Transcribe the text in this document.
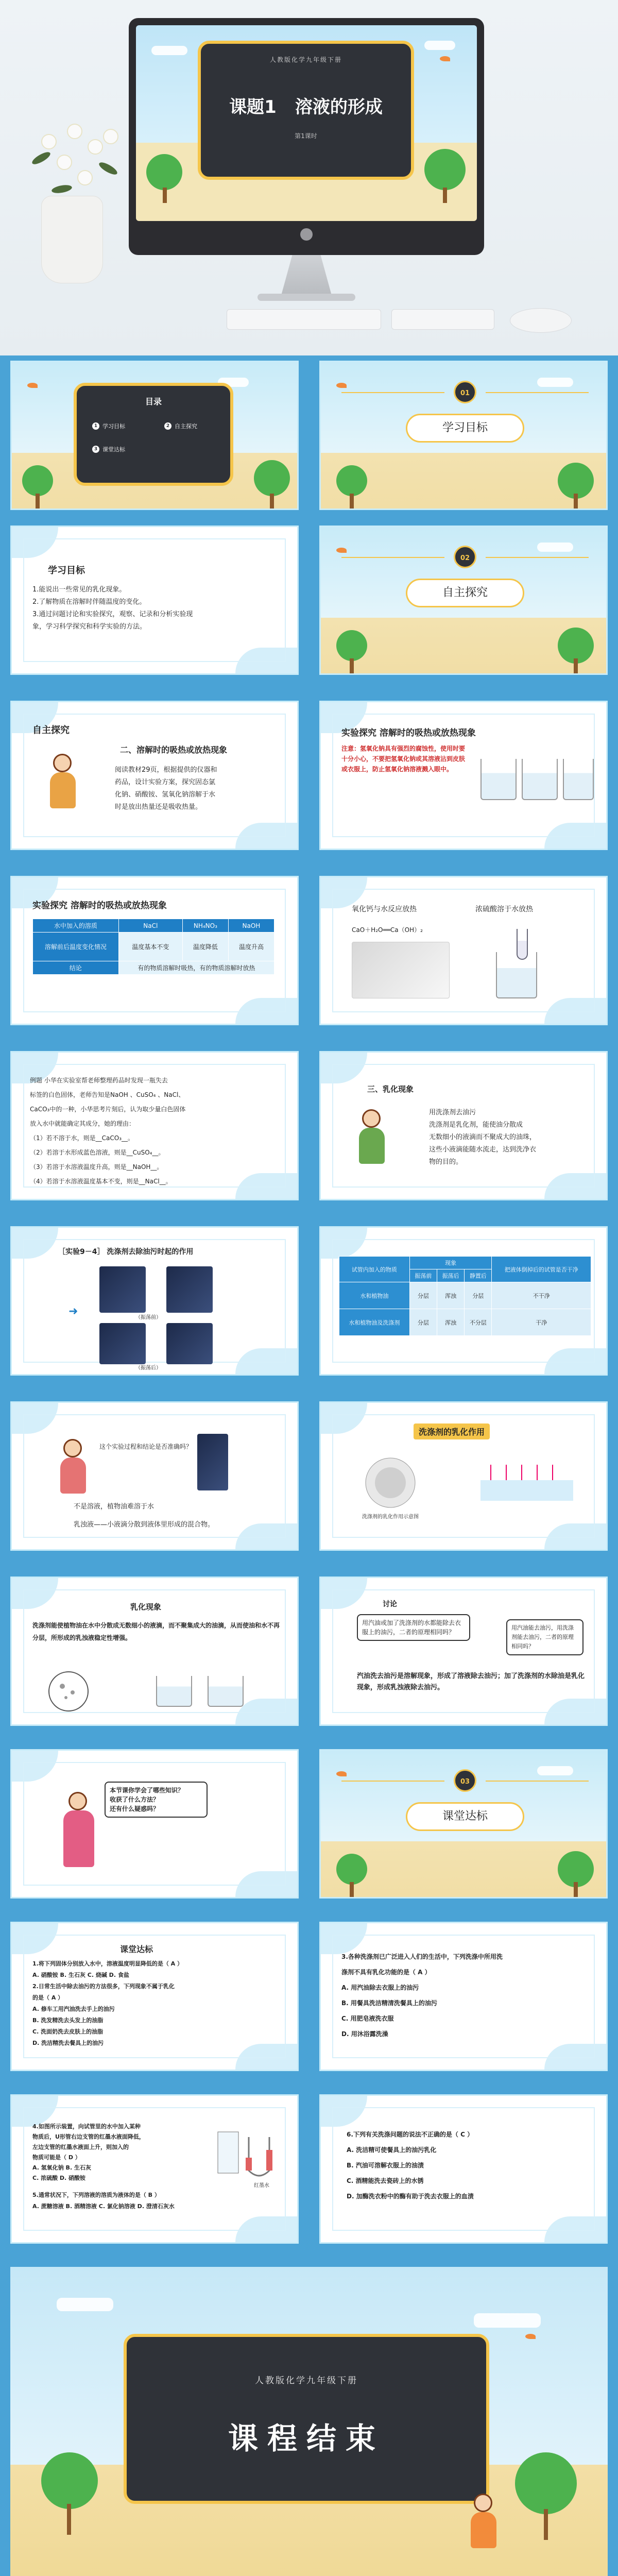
人教版化学九年级下册
课题1 溶液的形成
第1课时
目录
1 学习目标	2 自主探究
3 课堂达标
01
学习目标
学习目标

1.能说出一些常见的乳化现象。

2.了解物质在溶解时伴随温度的变化。

3.通过问题讨论和实验探究，观察、记录和分析实验现

象，学习科学探究和科学实验的方法。

02
自主探究
自主探究
二、溶解时的吸热或放热现象

阅读教材29页，根据提供的仪器和

药品，设计实验方案，探究固态氯

化钠、硝酸铵、氢氧化钠溶解于水

时是放出热量还是吸收热量。

实验探究 溶解时的吸热或放热现象
注意：氢氧化钠具有强烈的腐蚀性，使用时要十分小心，不要把氢氧化钠或其溶液沾到皮肤或衣服上，防止氢氧化钠溶液溅入眼中。
实验探究 溶解时的吸热或放热现象
水中加入的溶质	NaCl	NH₄NO₃	NaOH
溶解前后温度变化情况	温度基本不变	温度降低	温度升高
结论	有的物质溶解时吸热，有的物质溶解时放热		
氧化钙与水反应放热	浓硫酸溶于水放热
CaO＋H₂O══Ca（OH）₂

例题 小华在实验室帮老师整理药品时发现一瓶失去

标签的白色固体，老师告知是NaOH 、CuSO₄ 、NaCl、

CaCO₃中的一种，小华思考片刻后，认为取少量白色固体

放入水中就能确定其成分，她的理由：

（1）若不溶于水，则是__CaCO₃__。

（2）若溶于水形成蓝色溶液，则是__CuSO₄__。

（3）若溶于水溶液温度升高，则是__NaOH__。

（4）若溶于水溶液温度基本不变，则是__NaCl__。

三、乳化现象

用洗涤剂去油污

洗涤剂是乳化剂，能使油分散成

无数细小的液滴而不聚成大的油珠，

这些小液滴能随水流走，达到洗净衣

物的目的。

［实验9－4］ 洗涤剂去除油污时起的作用
（振荡前）
（振荡后）
➜
试管内加入的物质	现象			把液体倒掉后的试管是否干净
	振荡前	振荡后	静置后	
水和植物油	分层	浑浊	分层	不干净
水和植物油及洗涤剂	分层	浑浊	不分层	干净
这个实验过程和结论是否准确吗？
不是溶液，植物油难溶于水
乳浊液——小液滴分散到液体里形成的混合物。
洗涤剂的乳化作用
洗涤剂的乳化作用示意图
乳化现象
洗涤剂能使植物油在水中分散成无数细小的液滴，而不聚集成大的油滴，从而使油和水不再分层，所形成的乳浊液稳定性增强。
讨论
用汽油或加了洗涤剂的水都能除去衣服上的油污，二者的原理相同吗？
用汽油能去油污，用洗涤剂能去油污，二者的原理相同吗？
汽油洗去油污是溶解现象，形成了溶液除去油污；加了洗涤剂的水除油是乳化现象，形成乳浊液除去油污。

本节课你学会了哪些知识？

收获了什么方法？

还有什么疑惑吗？

03
课堂达标
课堂达标

1.将下列固体分别放入水中，溶液温度明显降低的是（ A ）

A. 硝酸铵 B. 生石灰 C. 烧碱 D. 食盐

2.日常生活中除去油污的方法很多，下列现象不属于乳化

的是（ A ）

A. 修车工用汽油洗去手上的油污

B. 洗发精洗去头发上的油脂

C. 洗面奶洗去皮肤上的油脂

D. 洗洁精洗去餐具上的油污

3.各种洗涤剂已广泛进入人们的生活中，下列洗涤中所用洗

涤剂不具有乳化功能的是（ A ）

A. 用汽油除去衣服上的油污

B. 用餐具洗洁精清洗餐具上的油污

C. 用肥皂液洗衣服

D. 用沐浴露洗澡

4.如图所示装置，向试管里的水中加入某种

物质后，U形管右边支管的红墨水液面降低，

左边支管的红墨水液面上升，则加入的

物质可能是（ D ）

A. 氢氧化钠 B. 生石灰

C. 浓硫酸 D. 硝酸铵

5.通常状况下，下列溶液的溶质为液体的是（ B ）

A. 蔗糖溶液 B. 酒精溶液 C. 氯化钠溶液 D. 澄清石灰水

红墨水

6.下列有关洗涤问题的说法不正确的是（ C ）

A. 洗洁精可使餐具上的油污乳化

B. 汽油可溶解衣服上的油渍

C. 酒精能洗去瓷砖上的水锈

D. 加酶洗衣粉中的酶有助于洗去衣服上的血渍

人教版化学九年级下册
课程结束
